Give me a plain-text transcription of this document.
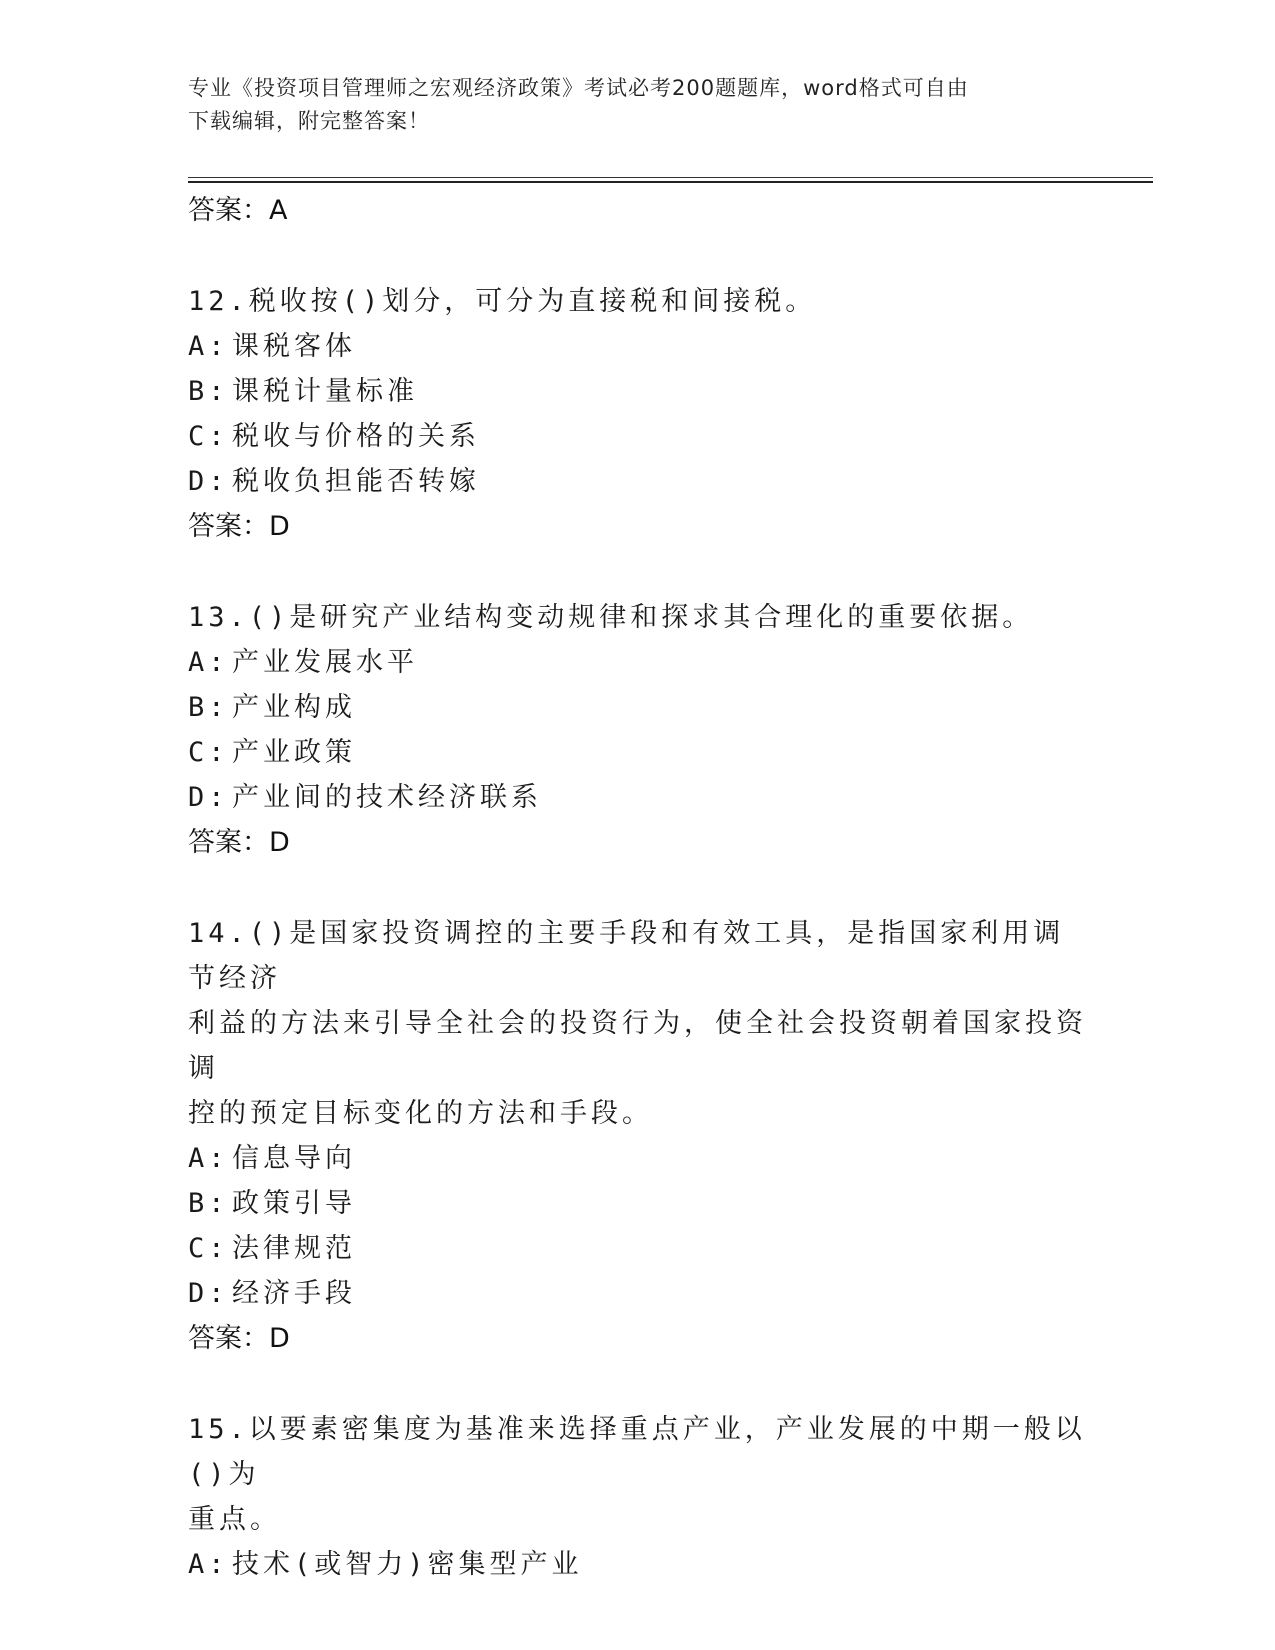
专业《投资项目管理师之宏观经济政策》考试必考200题题库，word格式可自由
下载编辑，附完整答案！
答案：A
12.税收按()划分，可分为直接税和间接税。
A: 课税客体
B: 课税计量标准
C: 税收与价格的关系
D: 税收负担能否转嫁
答案：D
13.()是研究产业结构变动规律和探求其合理化的重要依据。
A: 产业发展水平
B: 产业构成
C: 产业政策
D: 产业间的技术经济联系
答案：D
14.()是国家投资调控的主要手段和有效工具，是指国家利用调节经济
利益的方法来引导全社会的投资行为，使全社会投资朝着国家投资调
控的预定目标变化的方法和手段。
A: 信息导向
B: 政策引导
C: 法律规范
D: 经济手段
答案：D
15.以要素密集度为基准来选择重点产业，产业发展的中期一般以()为
重点。
A: 技术(或智力)密集型产业
